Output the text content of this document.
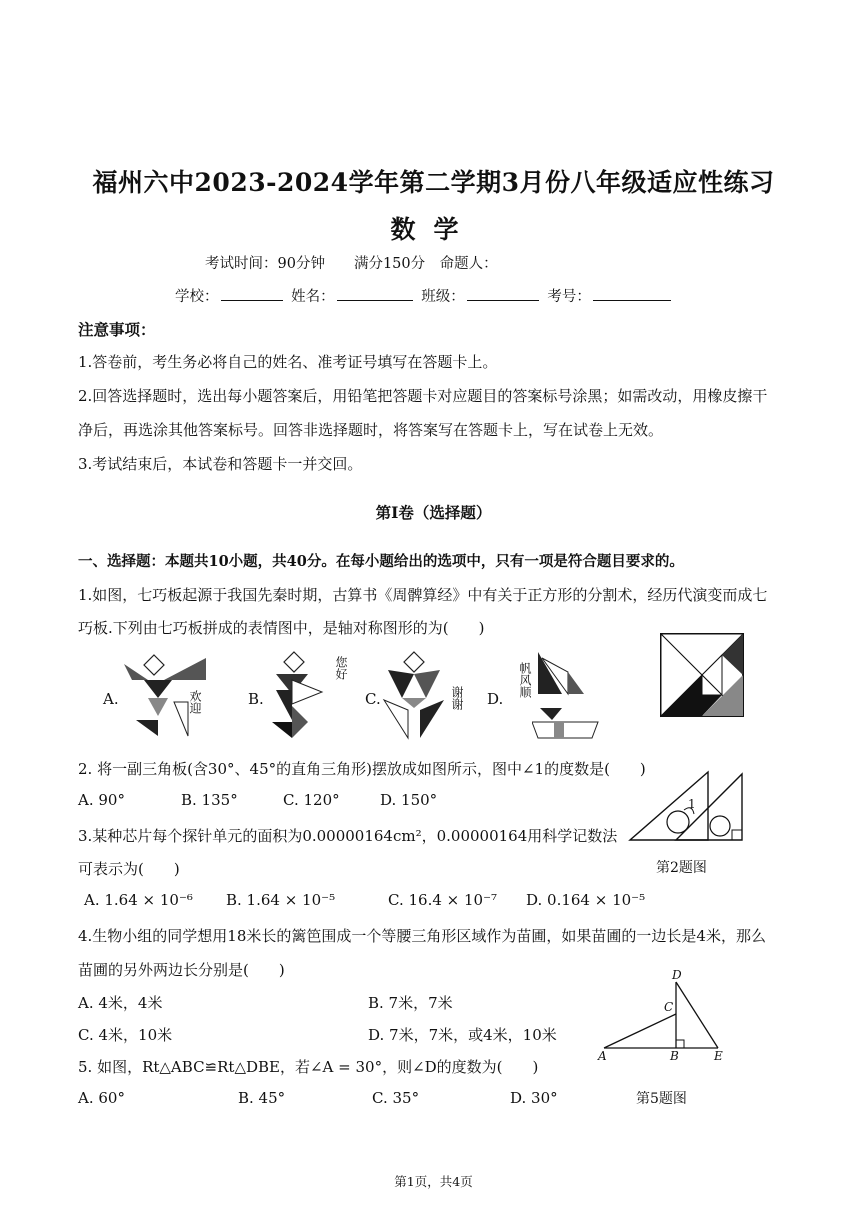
福州六中2023-2024学年第二学期3月份八年级适应性练习
数学
考试时间：90分钟　　满分150分　命题人：
学校：	姓名：	班级：	考号：
注意事项：
1.答卷前，考生务必将自己的姓名、准考证号填写在答题卡上。
2.回答选择题时，选出每小题答案后，用铅笔把答题卡对应题目的答案标号涂黑；如需改动，用橡皮擦干
净后，再选涂其他答案标号。回答非选择题时，将答案写在答题卡上，写在试卷上无效。
3.考试结束后，本试卷和答题卡一并交回。
第Ⅰ卷（选择题）
一、选择题：本题共10小题，共40分。在每小题给出的选项中，只有一项是符合题目要求的。
1.如图，七巧板起源于我国先秦时期，古算书《周髀算经》中有关于正方形的分割术，经历代演变而成七
巧板.下列由七巧板拼成的表情图中，是轴对称图形的为(　　)
A.	欢迎	B.
您好
C.	谢谢 D.
帆风顺
2. 将一副三角板(含30°、45°的直角三角形)摆放成如图所示，图中∠1的度数是(　　)
A. 90°	B. 135°	C. 120°	D. 150°	1
第2题图
3.某种芯片每个探针单元的面积为0.00000164cm²，0.00000164用科学记数法
可表示为(　　)
A. 1.64 × 10⁻⁶ B. 1.64 × 10⁻⁵	C. 16.4 × 10⁻⁷ D. 0.164 × 10⁻⁵
4.生物小组的同学想用18米长的篱笆围成一个等腰三角形区域作为苗圃，如果苗圃的一边长是4米，那么
苗圃的另外两边长分别是(　　)
A. 4米，4米	B. 7米，7米
C. 4米，10米	D. 7米，7米，或4米，10米
D
C
A	B	E
5. 如图，Rt△ABC≌Rt△DBE，若∠A = 30°，则∠D的度数为(　　)
A. 60°	B. 45°	C. 35°	D. 30°	第5题图
第1页，共4页
